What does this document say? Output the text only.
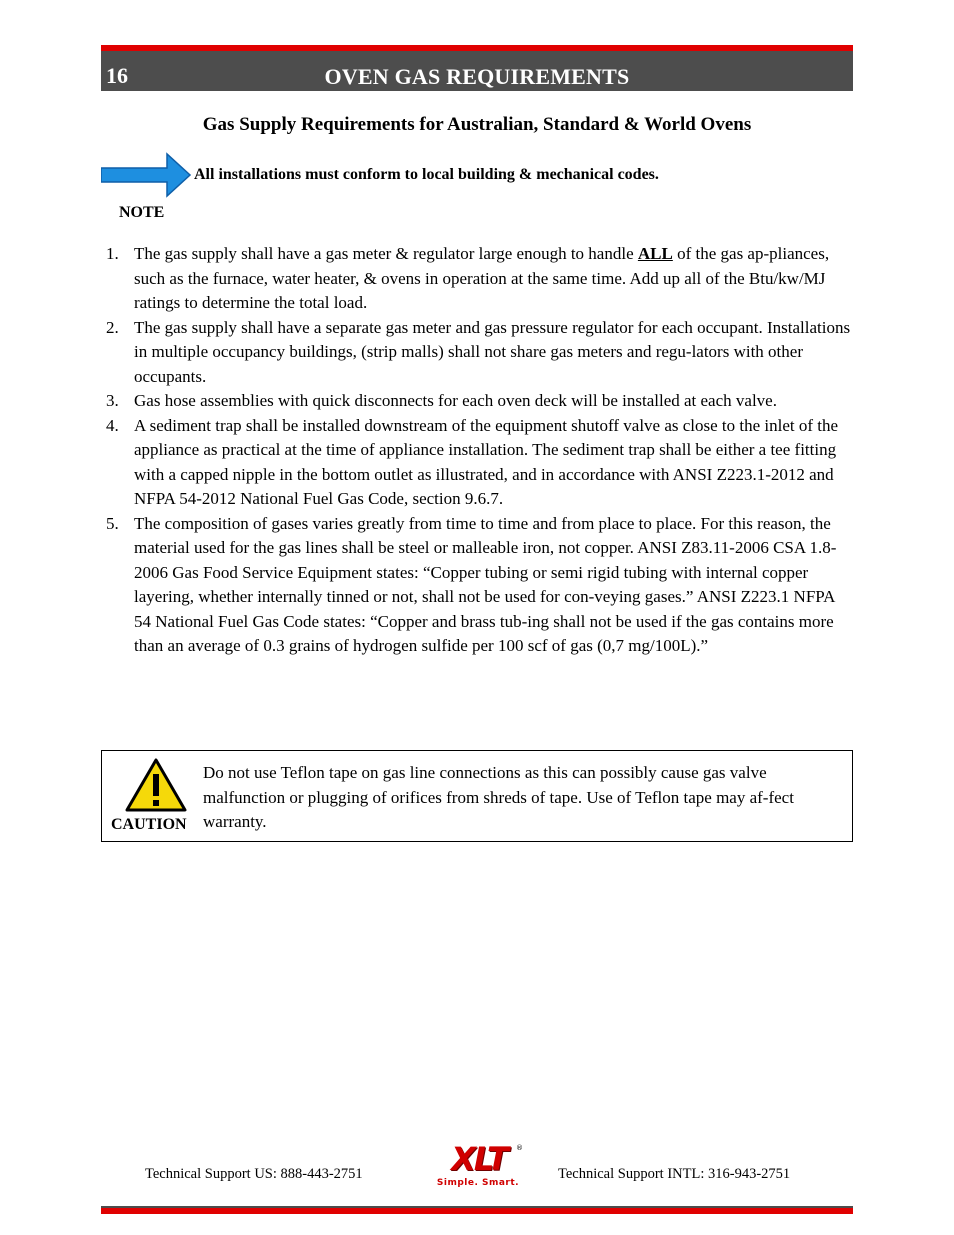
16	OVEN GAS REQUIREMENTS
Gas Supply Requirements for Australian, Standard & World Ovens
All installations must conform to local building & mechanical codes.
NOTE
1. The gas supply shall have a gas meter & regulator large enough to handle ALL of the gas ap-pliances, such as the furnace, water heater, & ovens in operation at the same time. Add up all of the Btu/kw/MJ ratings to determine the total load.
2. The gas supply shall have a separate gas meter and gas pressure regulator for each occupant. Installations in multiple occupancy buildings, (strip malls) shall not share gas meters and regu-lators with other occupants.
3. Gas hose assemblies with quick disconnects for each oven deck will be installed at each valve.
4. A sediment trap shall be installed downstream of the equipment shutoff valve as close to the inlet of the appliance as practical at the time of appliance installation. The sediment trap shall be either a tee fitting with a capped nipple in the bottom outlet as illustrated, and in accordance with ANSI Z223.1-2012 and NFPA 54-2012 National Fuel Gas Code, section 9.6.7.
5. The composition of gases varies greatly from time to time and from place to place. For this reason, the material used for the gas lines shall be steel or malleable iron, not copper. ANSI Z83.11-2006 CSA 1.8-2006 Gas Food Service Equipment states: “Copper tubing or semi rigid tubing with internal copper layering, whether internally tinned or not, shall not be used for con-veying gases.” ANSI Z223.1 NFPA 54 National Fuel Gas Code states: “Copper and brass tub-ing shall not be used if the gas contains more than an average of 0.3 grains of hydrogen sulfide per 100 scf of gas (0,7 mg/100L).”
CAUTION
Do not use Teflon tape on gas line connections as this can possibly cause gas valve malfunction or plugging of orifices from shreds of tape. Use of Teflon tape may af-fect warranty.
Technical Support US: 888-443-2751	XLT	®
Simple. Smart.
Technical Support INTL: 316-943-2751
